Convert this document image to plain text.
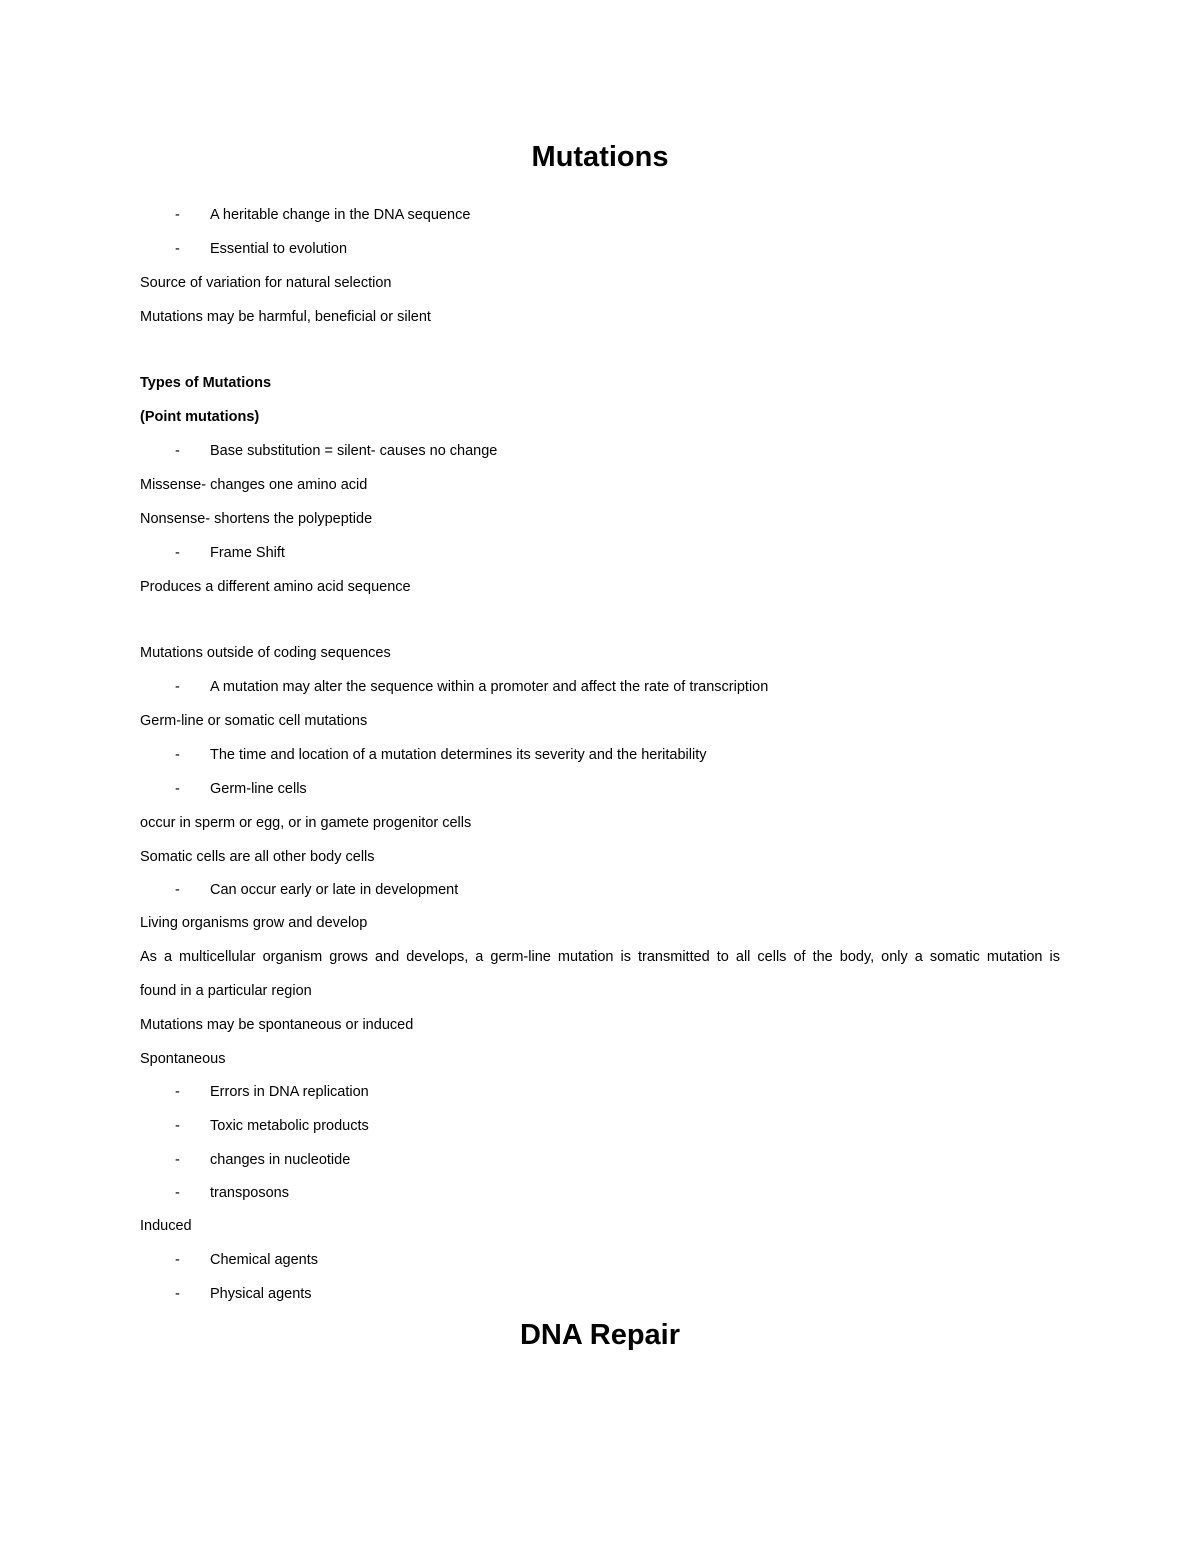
Mutations
- A heritable change in the DNA sequence
- Essential to evolution
Source of variation for natural selection
Mutations may be harmful, beneficial or silent
Types of Mutations
(Point mutations)
- Base substitution = silent- causes no change
Missense- changes one amino acid
Nonsense- shortens the polypeptide
- Frame Shift
Produces a different amino acid sequence
Mutations outside of coding sequences
- A mutation may alter the sequence within a promoter and affect the rate of transcription
Germ-line or somatic cell mutations
- The time and location of a mutation determines its severity and the heritability
- Germ-line cells
occur in sperm or egg, or in gamete progenitor cells
Somatic cells are all other body cells
- Can occur early or late in development
Living organisms grow and develop
As a multicellular organism grows and develops, a germ-line mutation is transmitted to all cells of the body, only a somatic mutation is
found in a particular region
Mutations may be spontaneous or induced
Spontaneous
- Errors in DNA replication
- Toxic metabolic products
- changes in nucleotide
- transposons
Induced
- Chemical agents
- Physical agents
DNA Repair
